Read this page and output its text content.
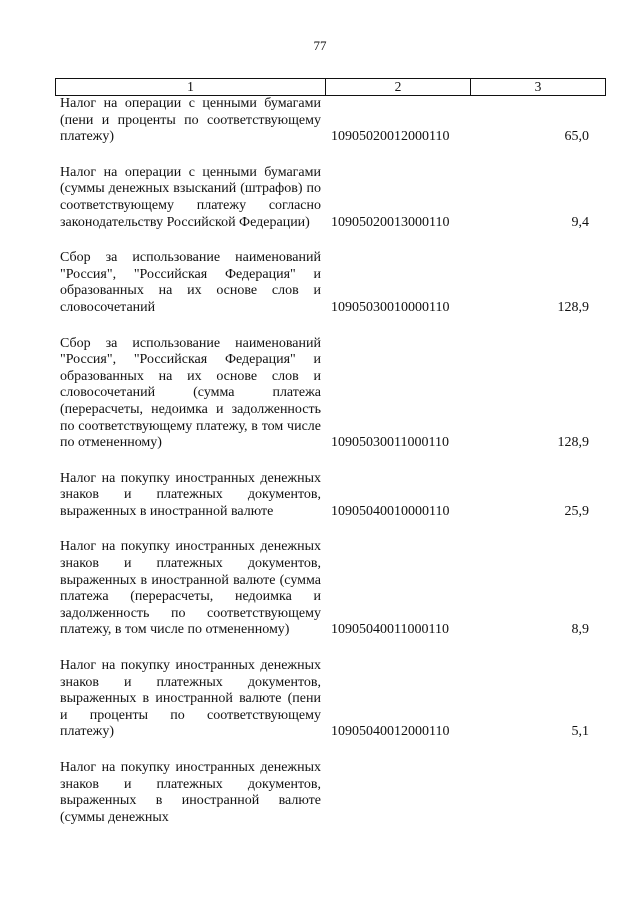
77
1	2	3
Налог на операции с ценными бумагами (пени и проценты по соответствующему платежу)	10905020012000110	65,0
Налог на операции с ценными бумагами (суммы денежных взысканий (штрафов) по соответствующему платежу согласно законодательству Российской Федерации)	10905020013000110	9,4
Сбор за использование наименований "Россия", "Российская Федерация" и образованных на их основе слов и словосочетаний	10905030010000110	128,9
Сбор за использование наименований "Россия", "Российская Федерация" и образованных на их основе слов и словосочетаний (сумма платежа (перерасчеты, недоимка и задолженность по соответствующему платежу, в том числе по отмененному)	10905030011000110	128,9
Налог на покупку иностранных денежных знаков и платежных документов, выраженных в иностранной валюте	10905040010000110	25,9
Налог на покупку иностранных денежных знаков и платежных документов, выраженных в иностранной валюте (сумма платежа (перерасчеты, недоимка и задолженность по соответствующему платежу, в том числе по отмененному)	10905040011000110	8,9
Налог на покупку иностранных денежных знаков и платежных документов, выраженных в иностранной валюте (пени и проценты по соответствующему платежу)	10905040012000110	5,1
Налог на покупку иностранных денежных знаков и платежных документов, выраженных в иностранной валюте (суммы денежных
